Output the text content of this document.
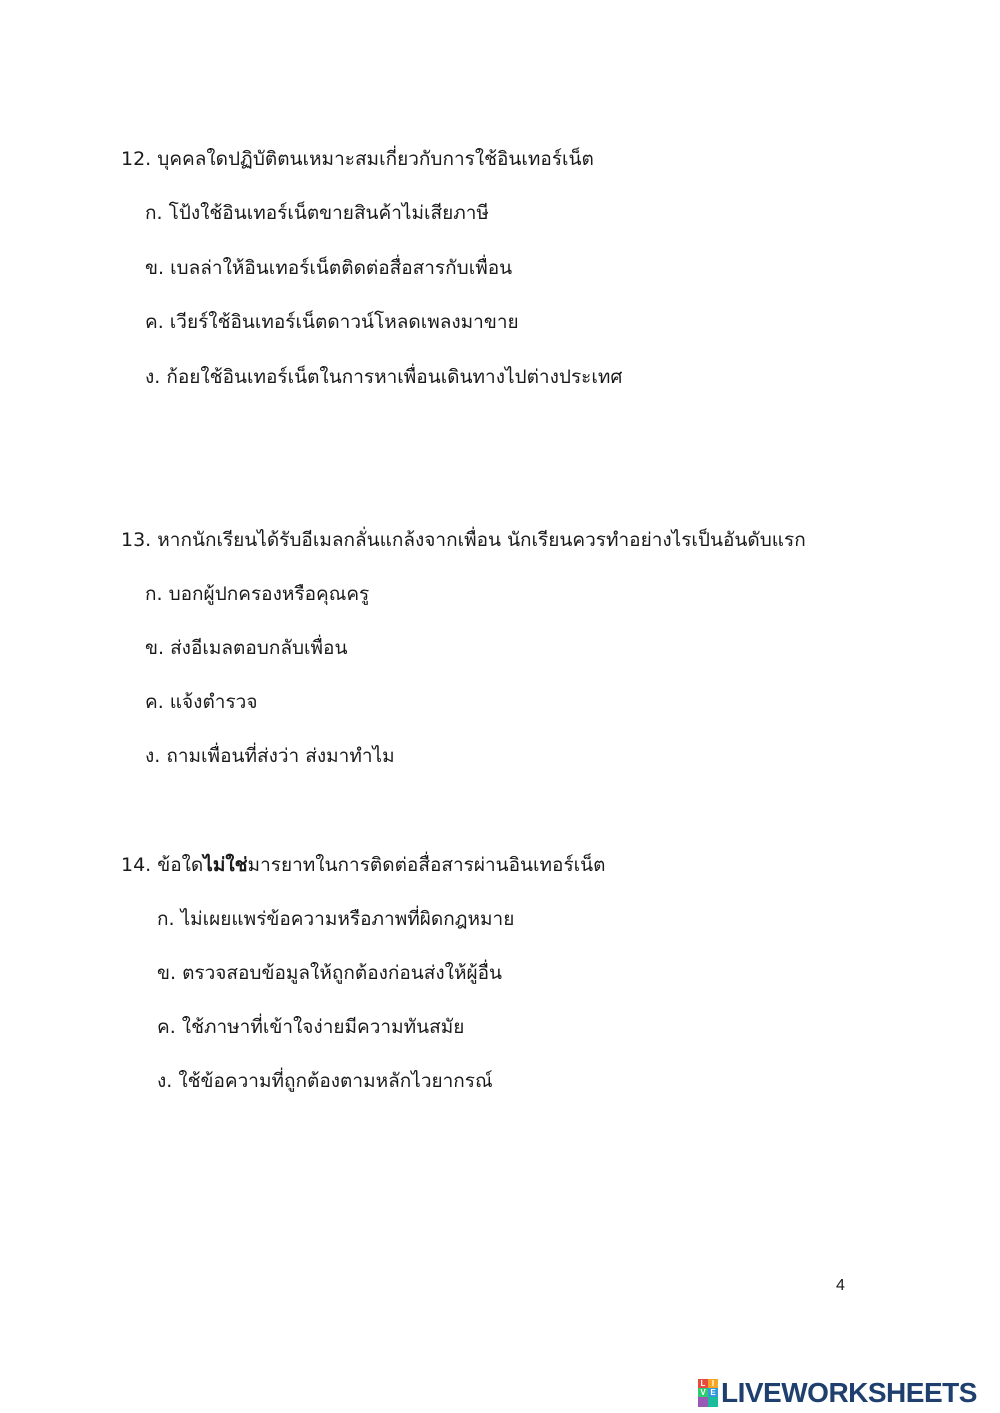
12. บุคคลใดปฏิบัติตนเหมาะสมเกี่ยวกับการใช้อินเทอร์เน็ต
ก. โป้งใช้อินเทอร์เน็ตขายสินค้าไม่เสียภาษี
ข. เบลล่าให้อินเทอร์เน็ตติดต่อสื่อสารกับเพื่อน
ค. เวียร์ใช้อินเทอร์เน็ตดาวน์โหลดเพลงมาขาย
ง. ก้อยใช้อินเทอร์เน็ตในการหาเพื่อนเดินทางไปต่างประเทศ
13. หากนักเรียนได้รับอีเมลกลั่นแกล้งจากเพื่อน นักเรียนควรทำอย่างไรเป็นอันดับแรก
ก. บอกผู้ปกครองหรือคุณครู
ข. ส่งอีเมลตอบกลับเพื่อน
ค. แจ้งตำรวจ
ง. ถามเพื่อนที่ส่งว่า ส่งมาทำไม
14. ข้อใดไม่ใช่มารยาทในการติดต่อสื่อสารผ่านอินเทอร์เน็ต
ก. ไม่เผยแพร่ข้อความหรือภาพที่ผิดกฎหมาย
ข. ตรวจสอบข้อมูลให้ถูกต้องก่อนส่งให้ผู้อื่น
ค. ใช้ภาษาที่เข้าใจง่ายมีความทันสมัย
ง. ใช้ข้อความที่ถูกต้องตามหลักไวยากรณ์
4
L I
V E LIVEWORKSHEETS
